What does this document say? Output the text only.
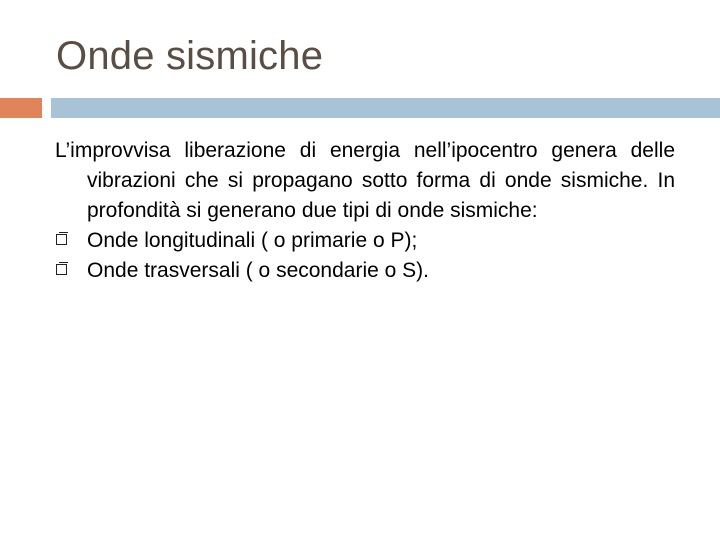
Onde sismiche

L’improvvisa liberazione di energia nell’ipocentro genera delle vibrazioni che si propagano sotto forma di onde sismiche. In profondità si generano due tipi di onde sismiche:

Onde longitudinali ( o primarie o P);
Onde trasversali ( o secondarie o S).
